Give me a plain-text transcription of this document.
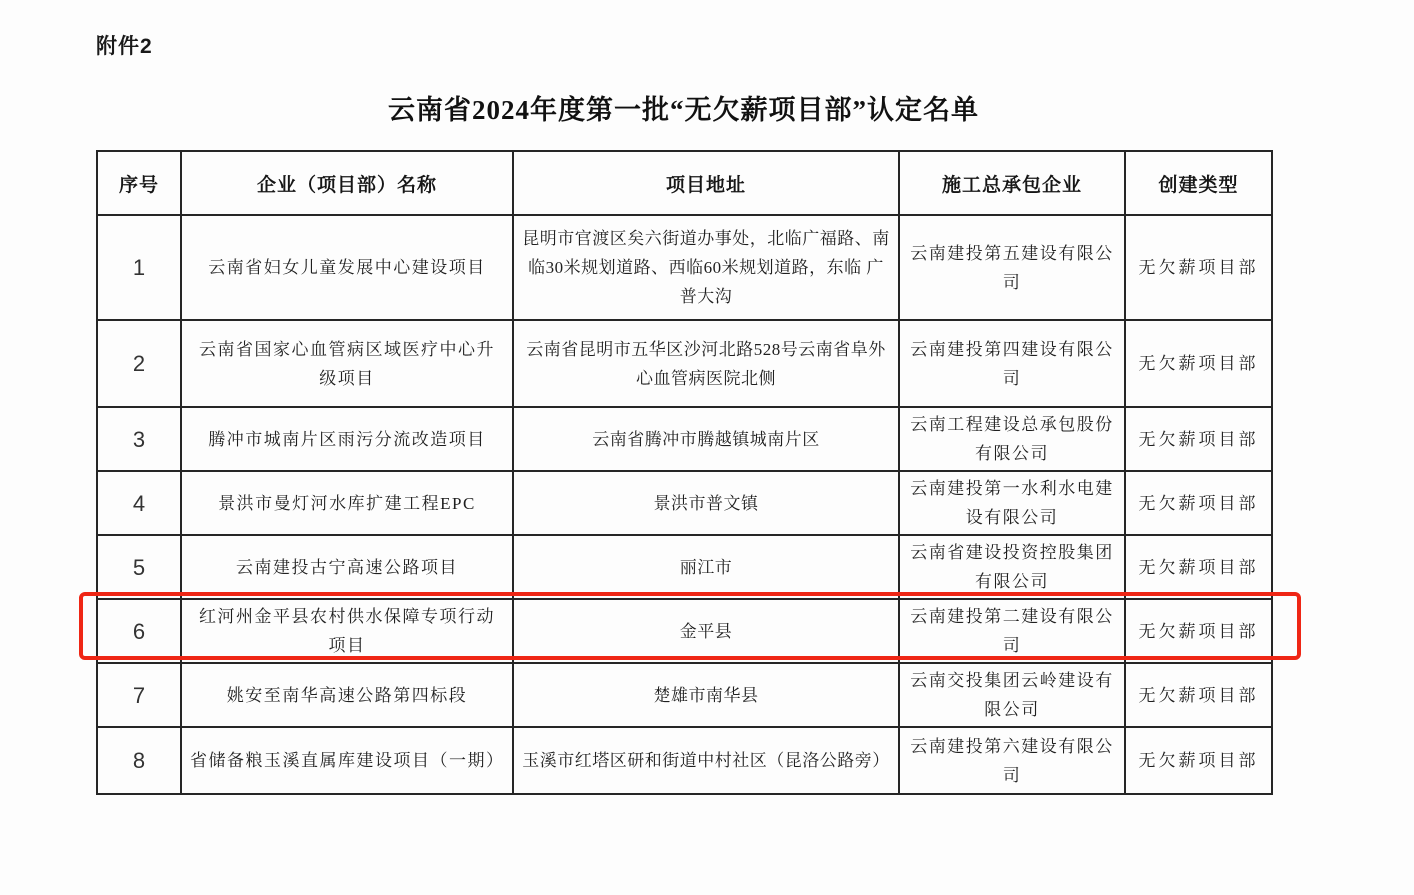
附件2
云南省2024年度第一批“无欠薪项目部”认定名单
序号	企业（项目部）名称	项目地址	施工总承包企业	创建类型
1	云南省妇女儿童发展中心建设项目	昆明市官渡区矣六街道办事处，北临广福路、南临30米规划道路、西临60米规划道路，东临 广普大沟	云南建投第五建设有限公司	无欠薪项目部
2	云南省国家心血管病区域医疗中心升级项目	云南省昆明市五华区沙河北路528号云南省阜外心血管病医院北侧	云南建投第四建设有限公司	无欠薪项目部
3	腾冲市城南片区雨污分流改造项目	云南省腾冲市腾越镇城南片区	云南工程建设总承包股份有限公司	无欠薪项目部
4	景洪市曼灯河水库扩建工程EPC	景洪市普文镇	云南建投第一水利水电建设有限公司	无欠薪项目部
5	云南建投古宁高速公路项目	丽江市	云南省建设投资控股集团有限公司	无欠薪项目部
6	红河州金平县农村供水保障专项行动项目	金平县	云南建投第二建设有限公司	无欠薪项目部
7	姚安至南华高速公路第四标段	楚雄市南华县	云南交投集团云岭建设有限公司	无欠薪项目部
8	省储备粮玉溪直属库建设项目（一期）	玉溪市红塔区研和街道中村社区（昆洛公路旁）	云南建投第六建设有限公司	无欠薪项目部
